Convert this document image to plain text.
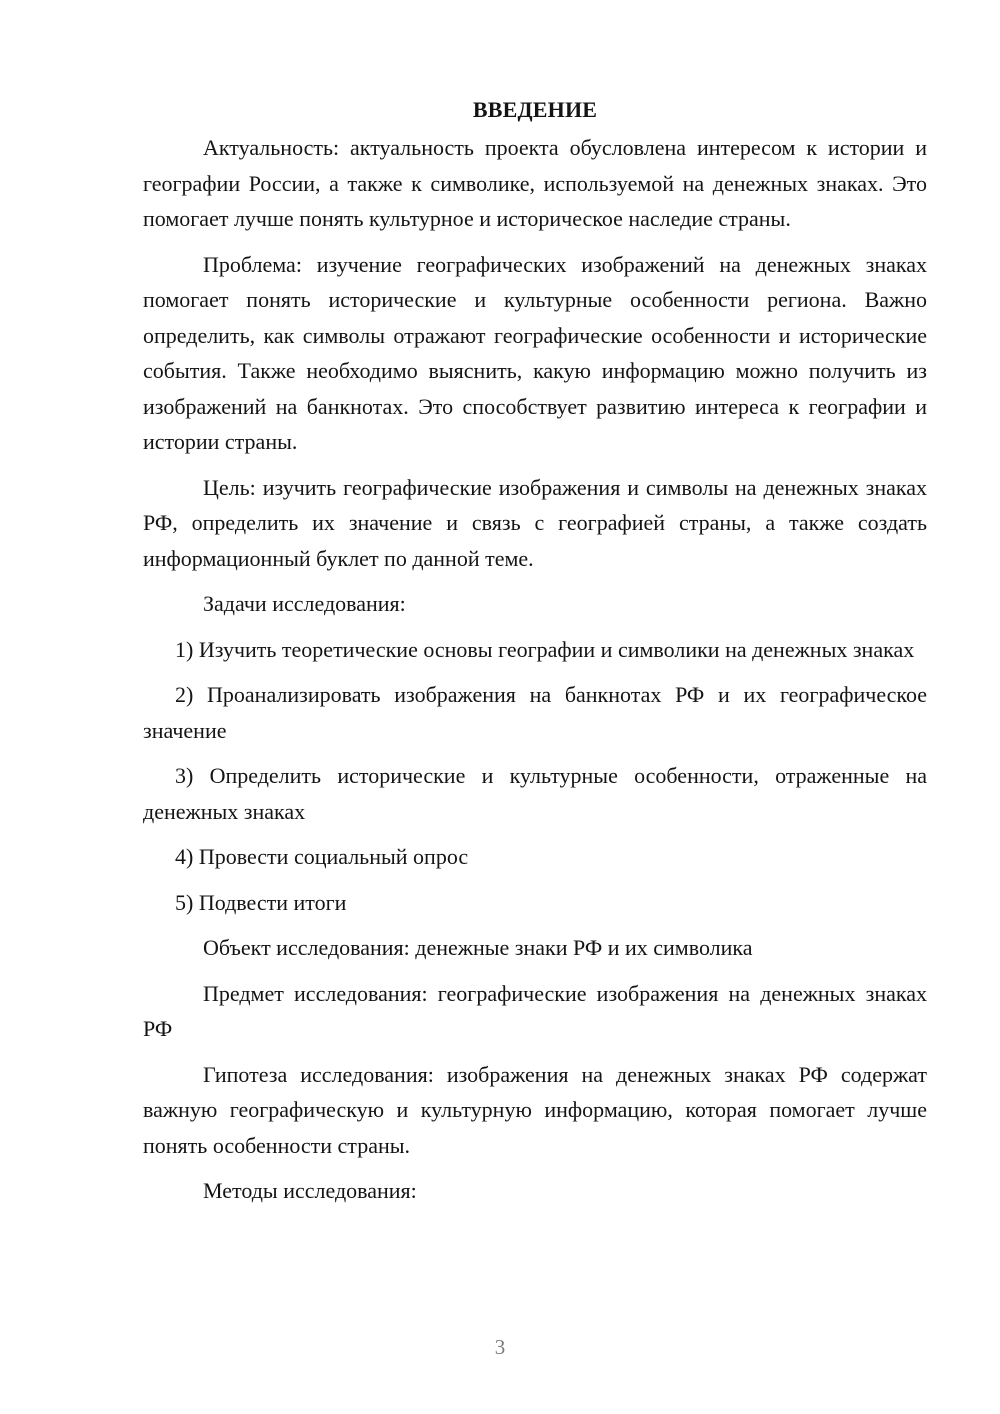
ВВЕДЕНИЕ

Актуальность: актуальность проекта обусловлена интересом к истории и географии России, а также к символике, используемой на денежных знаках. Это помогает лучше понять культурное и историческое наследие страны.

Проблема: изучение географических изображений на денежных знаках помогает понять исторические и культурные особенности региона. Важно определить, как символы отражают географические особенности и исторические события. Также необходимо выяснить, какую информацию можно получить из изображений на банкнотах. Это способствует развитию интереса к географии и истории страны.

Цель: изучить географические изображения и символы на денежных знаках РФ, определить их значение и связь с географией страны, а также создать информационный буклет по данной теме.

Задачи исследования:

1) Изучить теоретические основы географии и символики на денежных знаках

2) Проанализировать изображения на банкнотах РФ и их географическое значение

3) Определить исторические и культурные особенности, отраженные на денежных знаках

4) Провести социальный опрос

5) Подвести итоги

Объект исследования: денежные знаки РФ и их символика

Предмет исследования: географические изображения на денежных знаках РФ

Гипотеза исследования: изображения на денежных знаках РФ содержат важную географическую и культурную информацию, которая помогает лучше понять особенности страны.

Методы исследования:

3
